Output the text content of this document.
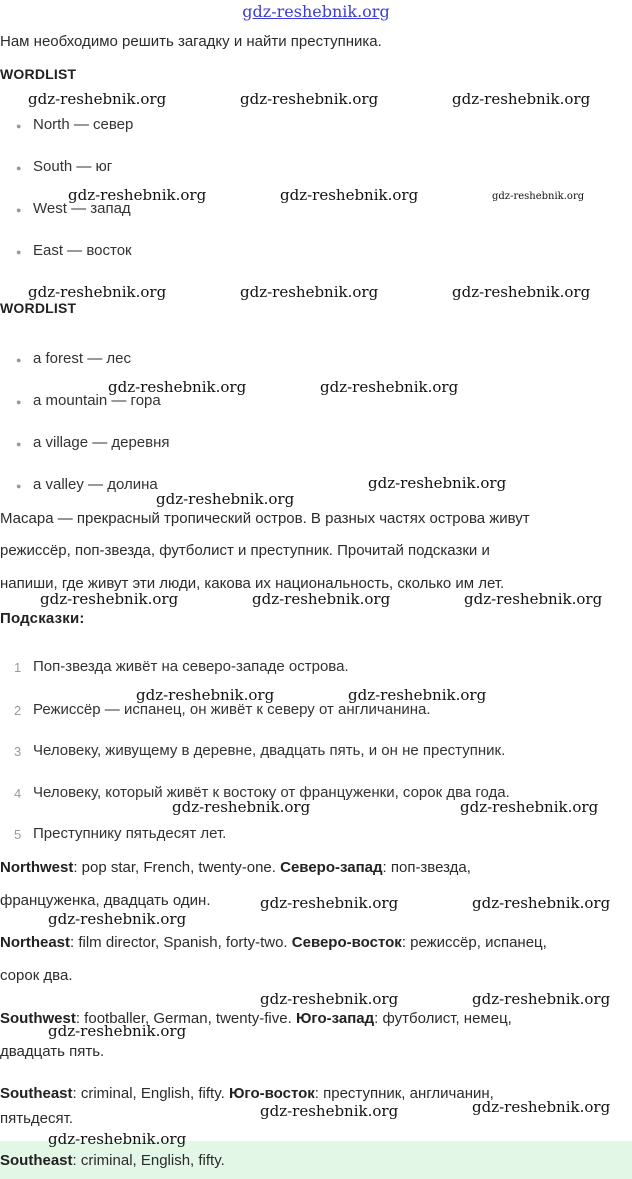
gdz-reshebnik.org
Нам необходимо решить загадку и найти преступника.
WORDLIST
● North — север
● South — юг
● West — запад
● East — восток
WORDLIST
● a forest — лес
● a mountain — гора
● a village — деревня
● a valley — долина
Масара — прекрасный тропический остров. В разных частях острова живут
режиссёр, поп-звезда, футболист и преступник. Прочитай подсказки и
напиши, где живут эти люди, какова их национальность, сколько им лет.
Подсказки:
1 Поп-звезда живёт на северо-западе острова.
2 Режиссёр — испанец, он живёт к северу от англичанина.
3 Человеку, живущему в деревне, двадцать пять, и он не преступник.
4 Человеку, который живёт к востоку от француженки, сорок два года.
5 Преступнику пятьдесят лет.
Northwest: pop star, French, twenty-one. Северо-запад: поп-звезда,
француженка, двадцать один.
Northeast: film director, Spanish, forty-two. Северо-восток: режиссёр, испанец,
сорок два.
Southwest: footballer, German, twenty-five. Юго-запад: футболист, немец,
двадцать пять.
Southeast: criminal, English, fifty. Юго-восток: преступник, англичанин,
пятьдесят.
Southeast: criminal, English, fifty.
gdz-reshebnik.org	gdz-reshebnik.org	gdz-reshebnik.org
gdz-reshebnik.org	gdz-reshebnik.org	gdz-reshebnik.org
gdz-reshebnik.org	gdz-reshebnik.org	gdz-reshebnik.org
gdz-reshebnik.org	gdz-reshebnik.org
gdz-reshebnik.org
gdz-reshebnik.org
gdz-reshebnik.org	gdz-reshebnik.org	gdz-reshebnik.org
gdz-reshebnik.org	gdz-reshebnik.org
gdz-reshebnik.org	gdz-reshebnik.org
gdz-reshebnik.org	gdz-reshebnik.org
gdz-reshebnik.org
gdz-reshebnik.org	gdz-reshebnik.org
gdz-reshebnik.org
gdz-reshebnik.org
gdz-reshebnik.org
gdz-reshebnik.org
